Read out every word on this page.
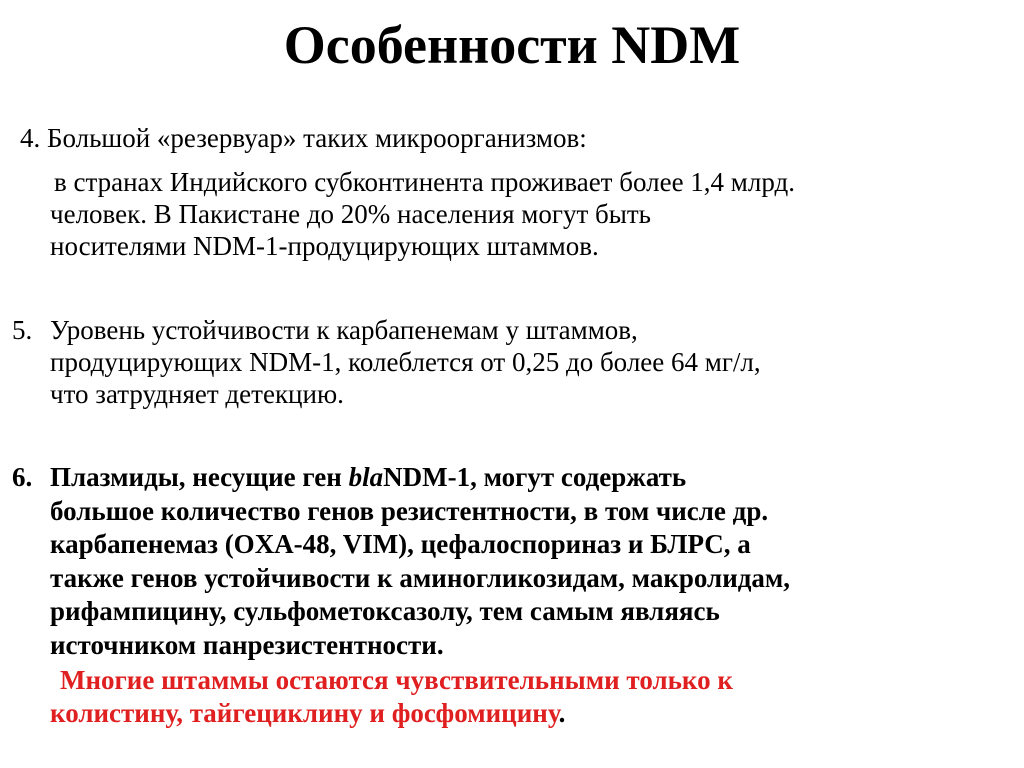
Особенности NDM
4. Большой «резервуар» таких микроорганизмов:
в странах Индийского субконтинента проживает более 1,4 млрд.
человек. В Пакистане до 20% населения могут быть
носителями NDM-1-продуцирующих штаммов.
5. Уровень устойчивости к карбапенемам у штаммов,
продуцирующих NDM-1, колеблется от 0,25 до более 64 мг/л,
что затрудняет детекцию.
6. Плазмиды, несущие ген blaNDM-1, могут содержать
большое количество генов резистентности, в том числе др.
карбапенемаз (OXA-48, VIM), цефалоспориназ и БЛРС, а
также генов устойчивости к аминогликозидам, макролидам,
рифампицину, сульфометоксазолу, тем самым являясь
источником панрезистентности.
Многие штаммы остаются чувствительными только к
колистину, тайгециклину и фосфомицину.
